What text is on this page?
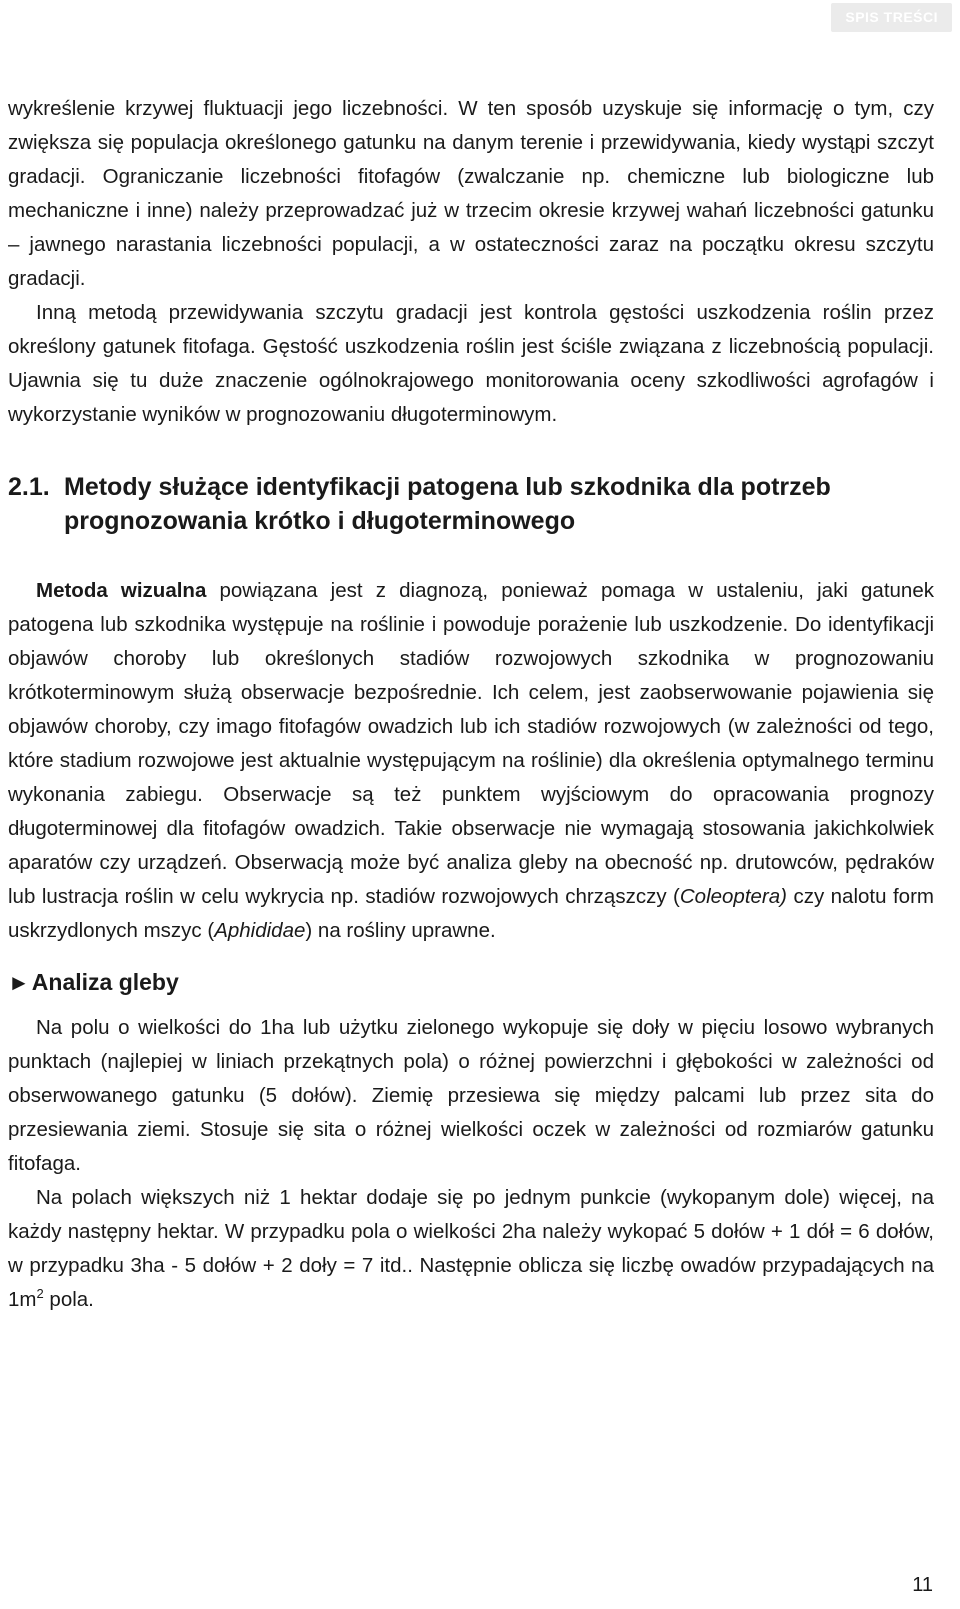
SPIS TREŚCI

wykreślenie krzywej fluktuacji jego liczebności. W ten sposób uzyskuje się informację o tym, czy zwiększa się populacja określonego gatunku na danym terenie i przewidywania, kiedy wystąpi szczyt gradacji. Ograniczanie liczebności fitofagów (zwalczanie np. chemiczne lub biologiczne lub mechaniczne i inne) należy przeprowadzać już w trzecim okresie krzywej wahań liczebności gatunku – jawnego narastania liczebności populacji, a w ostateczności zaraz na początku okresu szczytu gradacji.

Inną metodą przewidywania szczytu gradacji jest kontrola gęstości uszkodzenia roślin przez określony gatunek fitofaga. Gęstość uszkodzenia roślin jest ściśle związana z liczebnością populacji. Ujawnia się tu duże znaczenie ogólnokrajowego monitorowania oceny szkodliwości agrofagów i wykorzystanie wyników w prognozowaniu długoterminowym.

2.1. Metody służące identyfikacji patogena lub szkodnika dla potrzeb prognozowania krótko i długoterminowego

Metoda wizualna powiązana jest z diagnozą, ponieważ pomaga w ustaleniu, jaki gatunek patogena lub szkodnika występuje na roślinie i powoduje porażenie lub uszkodzenie. Do identyfikacji objawów choroby lub określonych stadiów rozwojowych szkodnika w prognozowaniu krótkoterminowym służą obserwacje bezpośrednie. Ich celem, jest zaobserwowanie pojawienia się objawów choroby, czy imago fitofagów owadzich lub ich stadiów rozwojowych (w zależności od tego, które stadium rozwojowe jest aktualnie występującym na roślinie) dla określenia optymalnego terminu wykonania zabiegu. Obserwacje są też punktem wyjściowym do opracowania prognozy długoterminowej dla fitofagów owadzich. Takie obserwacje nie wymagają stosowania jakichkolwiek aparatów czy urządzeń. Obserwacją może być analiza gleby na obecność np. drutowców, pędraków lub lustracja roślin w celu wykrycia np. stadiów rozwojowych chrząszczy (Coleoptera) czy nalotu form uskrzydlonych mszyc (Aphididae) na rośliny uprawne.

►Analiza gleby

Na polu o wielkości do 1ha lub użytku zielonego wykopuje się doły w pięciu losowo wybranych punktach (najlepiej w liniach przekątnych pola) o różnej powierzchni i głębokości w zależności od obserwowanego gatunku (5 dołów). Ziemię przesiewa się między palcami lub przez sita do przesiewania ziemi. Stosuje się sita o różnej wielkości oczek w zależności od rozmiarów gatunku fitofaga.

Na polach większych niż 1 hektar dodaje się po jednym punkcie (wykopanym dole) więcej, na każdy następny hektar. W przypadku pola o wielkości 2ha należy wykopać 5 dołów + 1 dół = 6 dołów, w przypadku 3ha - 5 dołów + 2 doły = 7 itd.. Następnie oblicza się liczbę owadów przypadających na $1m^2$ pola.

11
